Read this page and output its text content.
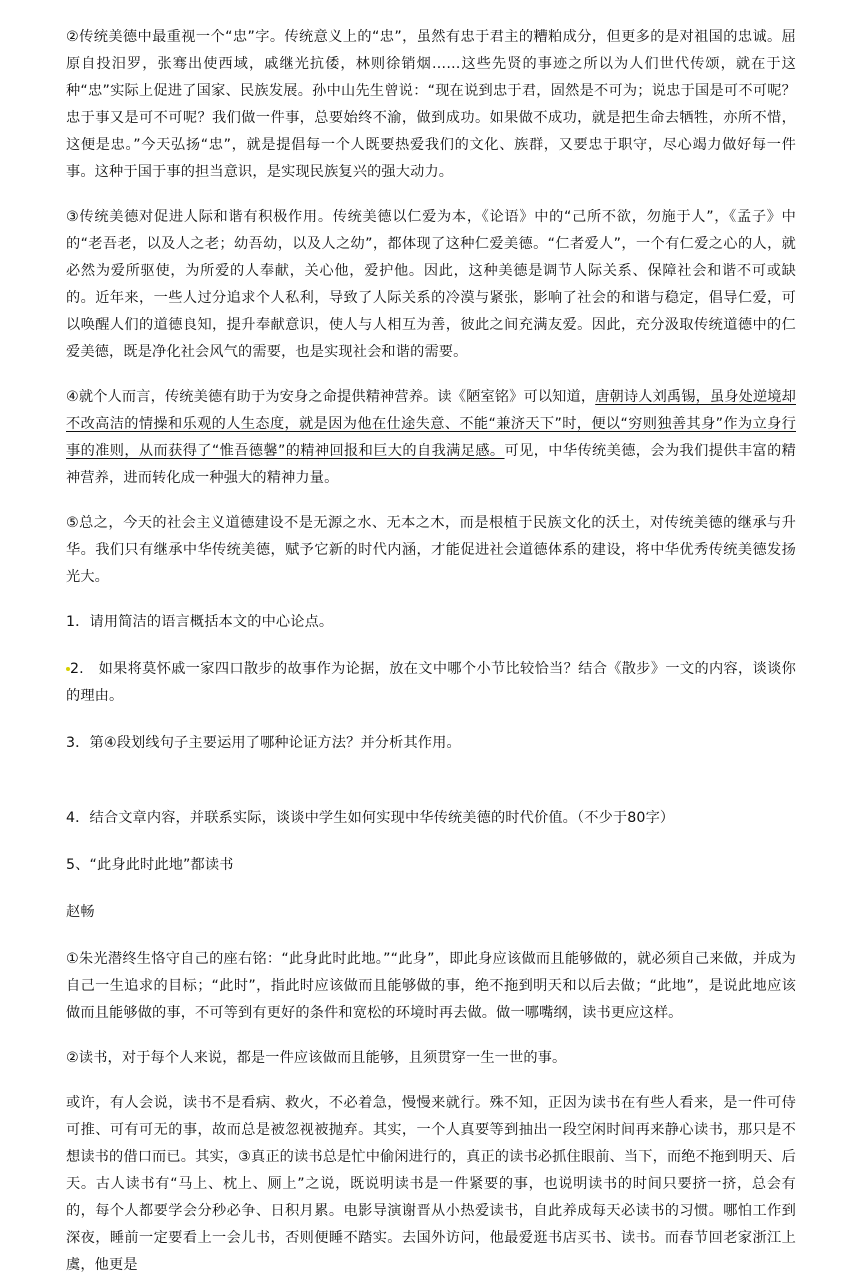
②传统美德中最重视一个“忠”字。传统意义上的“忠”，虽然有忠于君主的糟粕成分，但更多的是对祖国的忠诚。屈原自投汨罗，张骞出使西域，戚继光抗倭，林则徐销烟……这些先贤的事迹之所以为人们世代传颂，就在于这种“忠”实际上促进了国家、民族发展。孙中山先生曾说：“现在说到忠于君，固然是不可为；说忠于国是可不可呢？忠于事又是可不可呢？我们做一件事，总要始终不渝，做到成功。如果做不成功，就是把生命去牺牲，亦所不惜，这便是忠。”今天弘扬“忠”，就是提倡每一个人既要热爱我们的文化、族群，又要忠于职守，尽心竭力做好每一件事。这种于国于事的担当意识，是实现民族复兴的强大动力。

③传统美德对促进人际和谐有积极作用。传统美德以仁爱为本，《论语》中的“己所不欲，勿施于人”，《孟子》中的“老吾老，以及人之老；幼吾幼，以及人之幼”，都体现了这种仁爱美德。“仁者爱人”，一个有仁爱之心的人，就必然为爱所驱使，为所爱的人奉献，关心他，爱护他。因此，这种美德是调节人际关系、保障社会和谐不可或缺的。近年来，一些人过分追求个人私利，导致了人际关系的冷漠与紧张，影响了社会的和谐与稳定，倡导仁爱，可以唤醒人们的道德良知，提升奉献意识，使人与人相互为善，彼此之间充满友爱。因此，充分汲取传统道德中的仁爱美德，既是净化社会风气的需要，也是实现社会和谐的需要。

④就个人而言，传统美德有助于为安身之命提供精神营养。读《陋室铭》可以知道，唐朝诗人刘禹锡，虽身处逆境却不改高洁的情操和乐观的人生态度，就是因为他在仕途失意、不能“兼济天下”时，便以“穷则独善其身”作为立身行事的准则，从而获得了“惟吾德馨”的精神回报和巨大的自我满足感。可见，中华传统美德，会为我们提供丰富的精神营养，进而转化成一种强大的精神力量。

⑤总之，今天的社会主义道德建设不是无源之水、无本之木，而是根植于民族文化的沃土，对传统美德的继承与升华。我们只有继承中华传统美德，赋予它新的时代内涵，才能促进社会道德体系的建设，将中华优秀传统美德发扬光大。

1．请用简洁的语言概括本文的中心论点。

2.　如果将莫怀戚一家四口散步的故事作为论据，放在文中哪个小节比较恰当？结合《散步》一文的内容，谈谈你的理由。

3．第④段划线句子主要运用了哪种论证方法？并分析其作用。

4．结合文章内容，并联系实际，谈谈中学生如何实现中华传统美德的时代价值。（不少于80字）

5、“此身此时此地”都读书

赵畅

①朱光潜终生恪守自己的座右铭：“此身此时此地。”“此身”，即此身应该做而且能够做的，就必须自己来做，并成为自己一生追求的目标；“此时”，指此时应该做而且能够做的事，绝不拖到明天和以后去做；“此地”，是说此地应该做而且能够做的事，不可等到有更好的条件和宽松的环境时再去做。做一哪嘴纲，读书更应这样。

②读书，对于每个人来说，都是一件应该做而且能够，且须贯穿一生一世的事。

或许，有人会说，读书不是看病、救火，不必着急，慢慢来就行。殊不知，正因为读书在有些人看来，是一件可侍可推、可有可无的事，故而总是被忽视被抛弃。其实，一个人真要等到抽出一段空闲时间再来静心读书，那只是不想读书的借口而已。其实，③真正的读书总是忙中偷闲进行的，真正的读书必抓住眼前、当下，而绝不拖到明天、后天。古人读书有“马上、枕上、厕上”之说，既说明读书是一件紧要的事，也说明读书的时间只要挤一挤，总会有的，每个人都要学会分秒必争、日积月累。电影导演谢晋从小热爱读书，自此养成每天必读书的习惯。哪怕工作到深夜，睡前一定要看上一会儿书，否则便睡不踏实。去国外访问，他最爱逛书店买书、读书。而春节回老家浙江上虞，他更是
